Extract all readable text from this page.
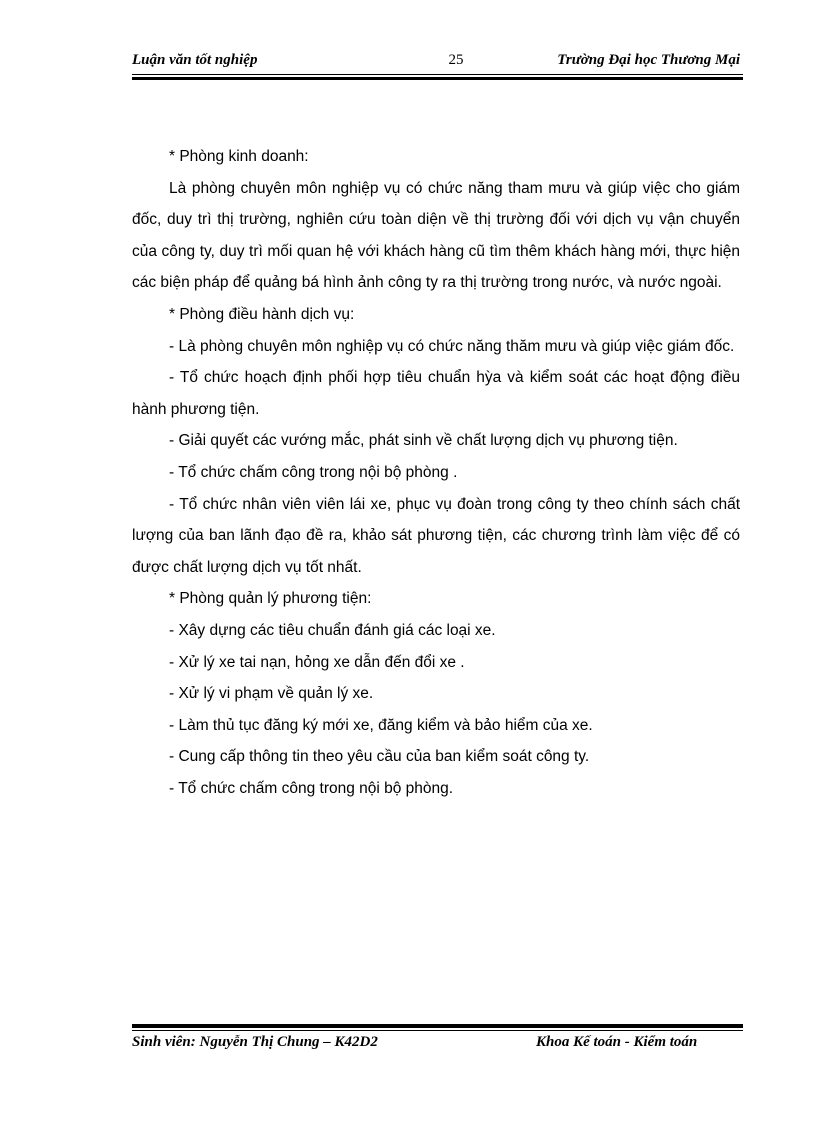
Luận văn tốt nghiệp	25	Trường Đại học Thương Mại

* Phòng kinh doanh:

Là phòng chuyên môn nghiệp vụ có chức năng tham mưu và giúp việc cho giám đốc, duy trì thị trường, nghiên cứu toàn diện về thị trường đối với dịch vụ vận chuyển của công ty, duy trì mối quan hệ với khách hàng cũ tìm thêm khách hàng mới, thực hiện các biện pháp để quảng bá hình ảnh công ty ra thị trường trong nước, và nước ngoài.

* Phòng điều hành dịch vụ:

- Là phòng chuyên môn nghiệp vụ có chức năng thăm mưu và giúp việc giám đốc.

- Tổ chức hoạch định phối hợp tiêu chuẩn hỳa và kiểm soát các hoạt động điều hành phương tiện.

- Giải quyết các vướng mắc, phát sinh về chất lượng dịch vụ phương tiện.

- Tổ chức chấm công trong nội bộ phòng .

- Tổ chức nhân viên viên lái xe, phục vụ đoàn trong công ty theo chính sách chất lượng của ban lãnh đạo đề ra, khảo sát phương tiện, các chương trình làm việc để có được chất lượng dịch vụ tốt nhất.

* Phòng quản lý phương tiện:

- Xây dựng các tiêu chuẩn đánh giá các loại xe.

- Xử lý xe tai nạn, hỏng xe dẫn đến đổi xe .

- Xử lý vi phạm về quản lý xe.

- Làm thủ tục đăng ký mới xe, đăng kiểm và bảo hiểm của xe.

- Cung cấp thông tin theo yêu cầu của ban kiểm soát công ty.

- Tổ chức chấm công trong nội bộ phòng.

Sinh viên: Nguyễn Thị Chung – K42D2	Khoa Kế toán - Kiểm toán
